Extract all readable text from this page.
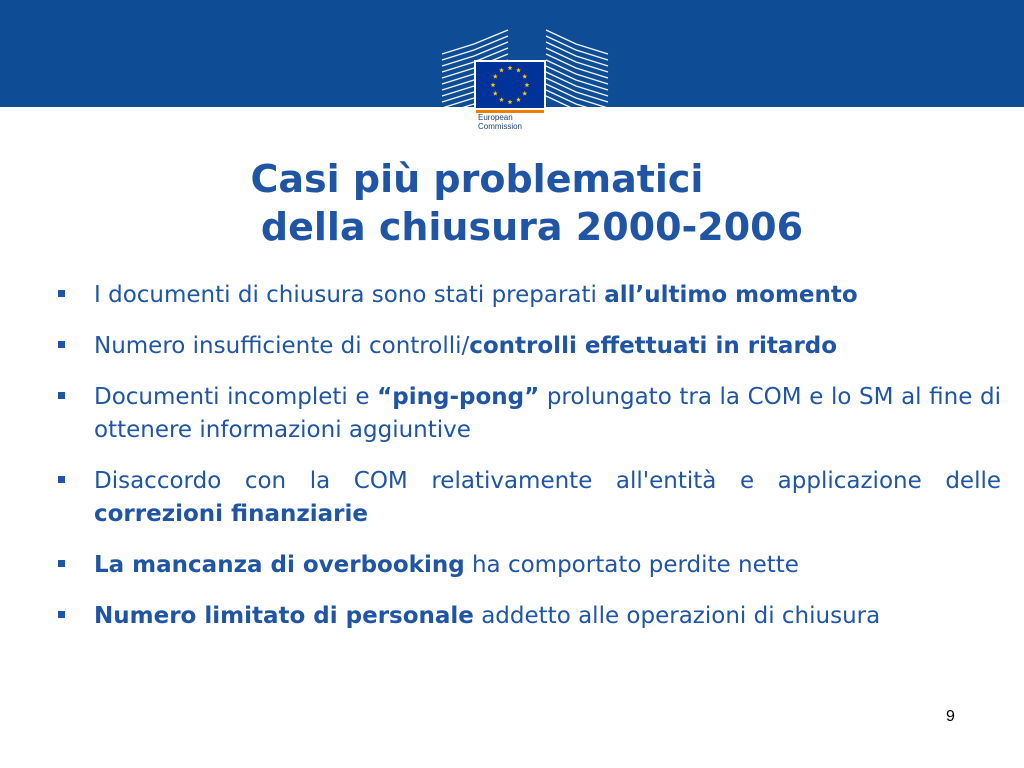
European
Commission
Casi più problematici
della chiusura 2000-2006
I documenti di chiusura sono stati preparati all’ultimo momento
Numero insufficiente di controlli/controlli effettuati in ritardo
Documenti incompleti e “ping-pong” prolungato tra la COM e lo SM al fine di ottenere informazioni aggiuntive
Disaccordo con la COM relativamente all'entità e applicazione delle correzioni finanziarie
La mancanza di overbooking ha comportato perdite nette
Numero limitato di personale addetto alle operazioni di chiusura
9
